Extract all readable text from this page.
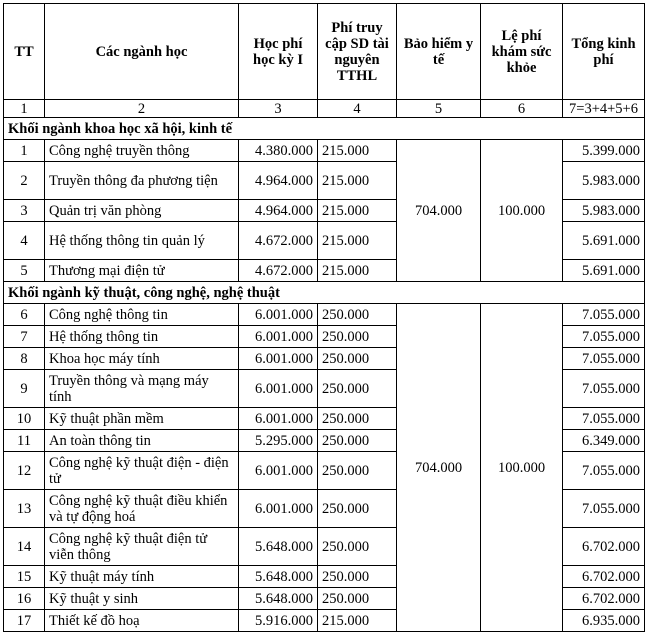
TT	Các ngành học	Học phí học kỳ I	Phí truy cập SD tài nguyên TTHL	Bảo hiểm y tế	Lệ phí khám sức khỏe	Tổng kinh phí
1	2	3	4	5	6	7=3+4+5+6
Khối ngành khoa học xã hội, kinh tế						
1	Công nghệ truyền thông	4.380.000	215.000	704.000	100.000	5.399.000
2	Truyền thông đa phương tiện	4.964.000	215.000			5.983.000
3	Quản trị văn phòng	4.964.000	215.000			5.983.000
4	Hệ thống thông tin quản lý	4.672.000	215.000			5.691.000
5	Thương mại điện tử	4.672.000	215.000			5.691.000
Khối ngành kỹ thuật, công nghệ, nghệ thuật						
6	Công nghệ thông tin	6.001.000	250.000	704.000	100.000	7.055.000
7	Hệ thống thông tin	6.001.000	250.000			7.055.000
8	Khoa học máy tính	6.001.000	250.000			7.055.000
9	Truyền thông và mạng máy tính	6.001.000	250.000			7.055.000
10	Kỹ thuật phần mềm	6.001.000	250.000			7.055.000
11	An toàn thông tin	5.295.000	250.000			6.349.000
12	Công nghệ kỹ thuật điện - điện tử	6.001.000	250.000			7.055.000
13	Công nghệ kỹ thuật điều khiển và tự động hoá	6.001.000	250.000			7.055.000
14	Công nghệ kỹ thuật điện tử viễn thông	5.648.000	250.000			6.702.000
15	Kỹ thuật máy tính	5.648.000	250.000			6.702.000
16	Kỹ thuật y sinh	5.648.000	250.000			6.702.000
17	Thiết kế đồ hoạ	5.916.000	215.000			6.935.000
